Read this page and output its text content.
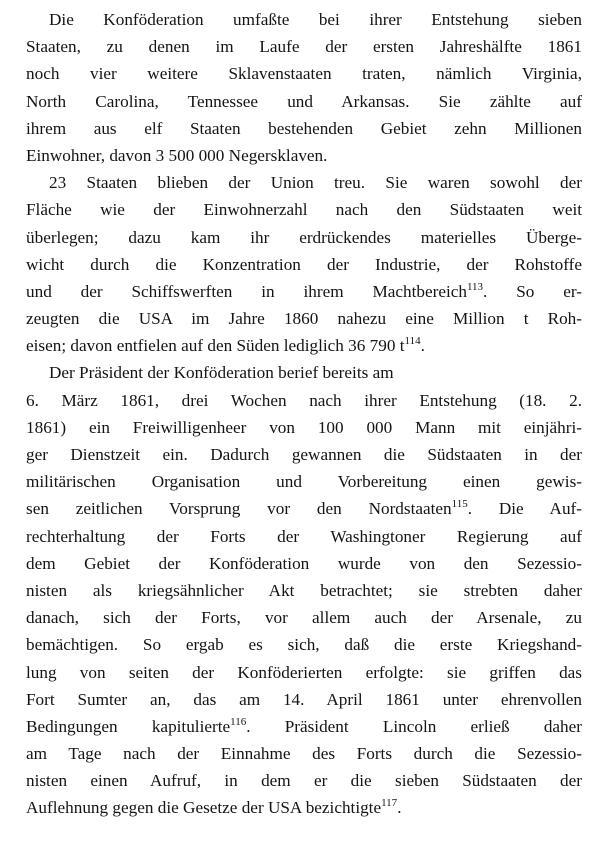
Die Konföderation umfaßte bei ihrer Entstehung sieben
Staaten, zu denen im Laufe der ersten Jahreshälfte 1861
noch vier weitere Sklavenstaaten traten, nämlich Virginia,
North Carolina, Tennessee und Arkansas. Sie zählte auf
ihrem aus elf Staaten bestehenden Gebiet zehn Millionen
Einwohner, davon 3 500 000 Negersklaven.
23 Staaten blieben der Union treu. Sie waren sowohl der
Fläche wie der Einwohnerzahl nach den Südstaaten weit
überlegen; dazu kam ihr erdrückendes materielles Überge-
wicht durch die Konzentration der Industrie, der Rohstoffe
und der Schiffswerften in ihrem Machtbereich$^{113}$. So er-
zeugten die USA im Jahre 1860 nahezu eine Million t Roh-
eisen; davon entfielen auf den Süden lediglich 36 790 $t^{114}$.
Der Präsident der Konföderation berief bereits am
6. März 1861, drei Wochen nach ihrer Entstehung (18. 2.
1861) ein Freiwilligenheer von 100 000 Mann mit einjähri-
ger Dienstzeit ein. Dadurch gewannen die Südstaaten in der
militärischen Organisation und Vorbereitung einen gewis-
sen zeitlichen Vorsprung vor den Nordstaaten$^{115}$. Die Auf-
rechterhaltung der Forts der Washingtoner Regierung auf
dem Gebiet der Konföderation wurde von den Sezessio-
nisten als kriegsähnlicher Akt betrachtet; sie strebten daher
danach, sich der Forts, vor allem auch der Arsenale, zu
bemächtigen. So ergab es sich, daß die erste Kriegshand-
lung von seiten der Konföderierten erfolgte: sie griffen das
Fort Sumter an, das am 14. April 1861 unter ehrenvollen
Bedingungen kapitulierte$^{116}$. Präsident Lincoln erließ daher
am Tage nach der Einnahme des Forts durch die Sezessio-
nisten einen Aufruf, in dem er die sieben Südstaaten der
Auflehnung gegen die Gesetze der USA bezichtigte$^{117}$.
